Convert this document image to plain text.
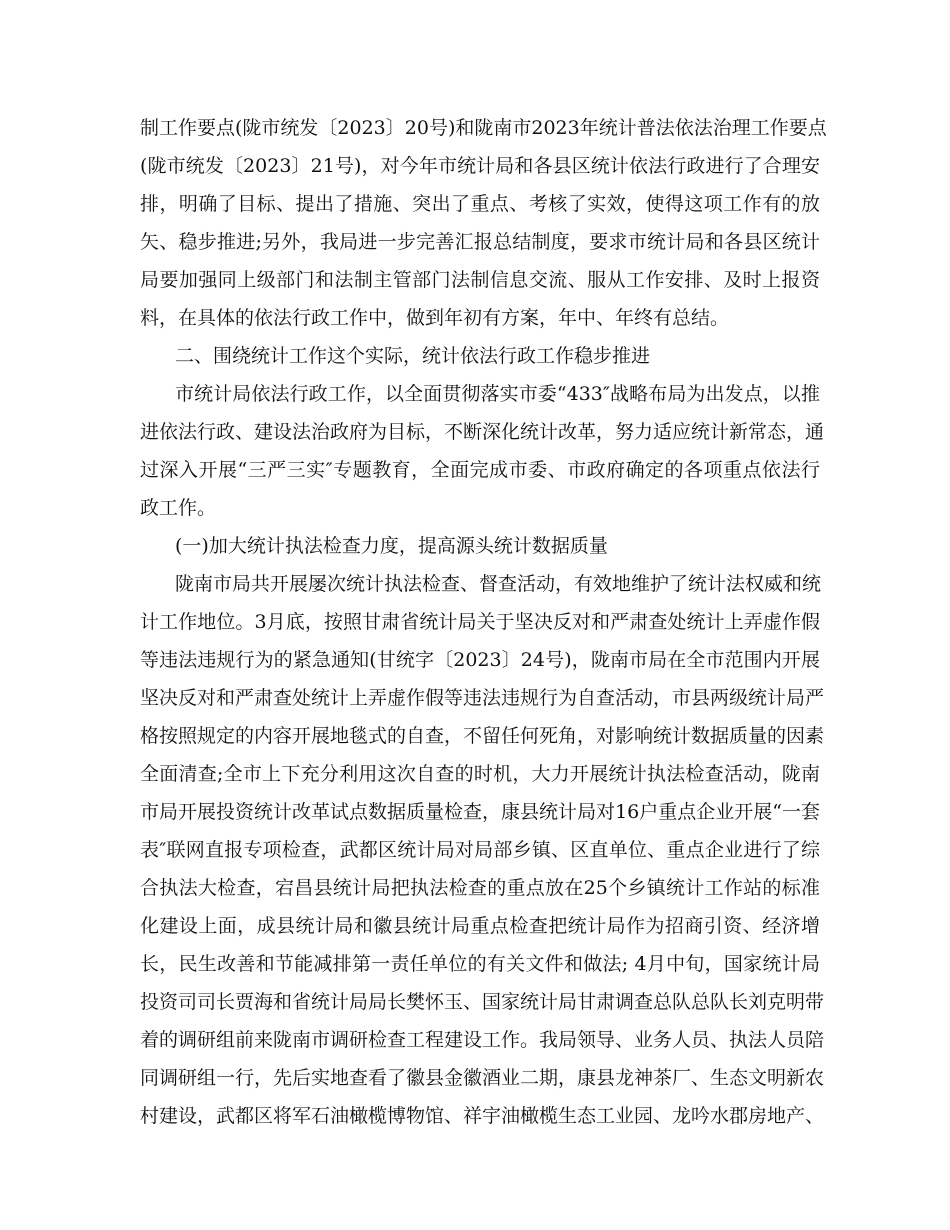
制工作要点(陇市统发〔2023〕20号)和陇南市2023年统计普法依法治理工作要点
(陇市统发〔2023〕21号)，对今年市统计局和各县区统计依法行政进行了合理安
排，明确了目标、提出了措施、突出了重点、考核了实效，使得这项工作有的放
矢、稳步推进;另外，我局进一步完善汇报总结制度，要求市统计局和各县区统计
局要加强同上级部门和法制主管部门法制信息交流、服从工作安排、及时上报资
料，在具体的依法行政工作中，做到年初有方案，年中、年终有总结。
二、围绕统计工作这个实际，统计依法行政工作稳步推进
市统计局依法行政工作，以全面贯彻落实市委“433″战略布局为出发点，以推
进依法行政、建设法治政府为目标，不断深化统计改革，努力适应统计新常态，通
过深入开展“三严三实″专题教育，全面完成市委、市政府确定的各项重点依法行
政工作。
(一)加大统计执法检查力度，提高源头统计数据质量
陇南市局共开展屡次统计执法检查、督查活动，有效地维护了统计法权威和统
计工作地位。3月底，按照甘肃省统计局关于坚决反对和严肃查处统计上弄虚作假
等违法违规行为的紧急通知(甘统字〔2023〕24号)，陇南市局在全市范围内开展
坚决反对和严肃查处统计上弄虚作假等违法违规行为自查活动，市县两级统计局严
格按照规定的内容开展地毯式的自查，不留任何死角，对影响统计数据质量的因素
全面清查;全市上下充分利用这次自查的时机，大力开展统计执法检查活动，陇南
市局开展投资统计改革试点数据质量检查，康县统计局对16户重点企业开展“一套
表″联网直报专项检查，武都区统计局对局部乡镇、区直单位、重点企业进行了综
合执法大检查，宕昌县统计局把执法检查的重点放在25个乡镇统计工作站的标准
化建设上面，成县统计局和徽县统计局重点检查把统计局作为招商引资、经济增
长，民生改善和节能减排第一责任单位的有关文件和做法; 4月中旬，国家统计局
投资司司长贾海和省统计局局长樊怀玉、国家统计局甘肃调查总队总队长刘克明带
着的调研组前来陇南市调研检查工程建设工作。我局领导、业务人员、执法人员陪
同调研组一行，先后实地查看了徽县金徽酒业二期，康县龙神茶厂、生态文明新农
村建设，武都区将军石油橄榄博物馆、祥宇油橄榄生态工业园、龙吟水郡房地产、
